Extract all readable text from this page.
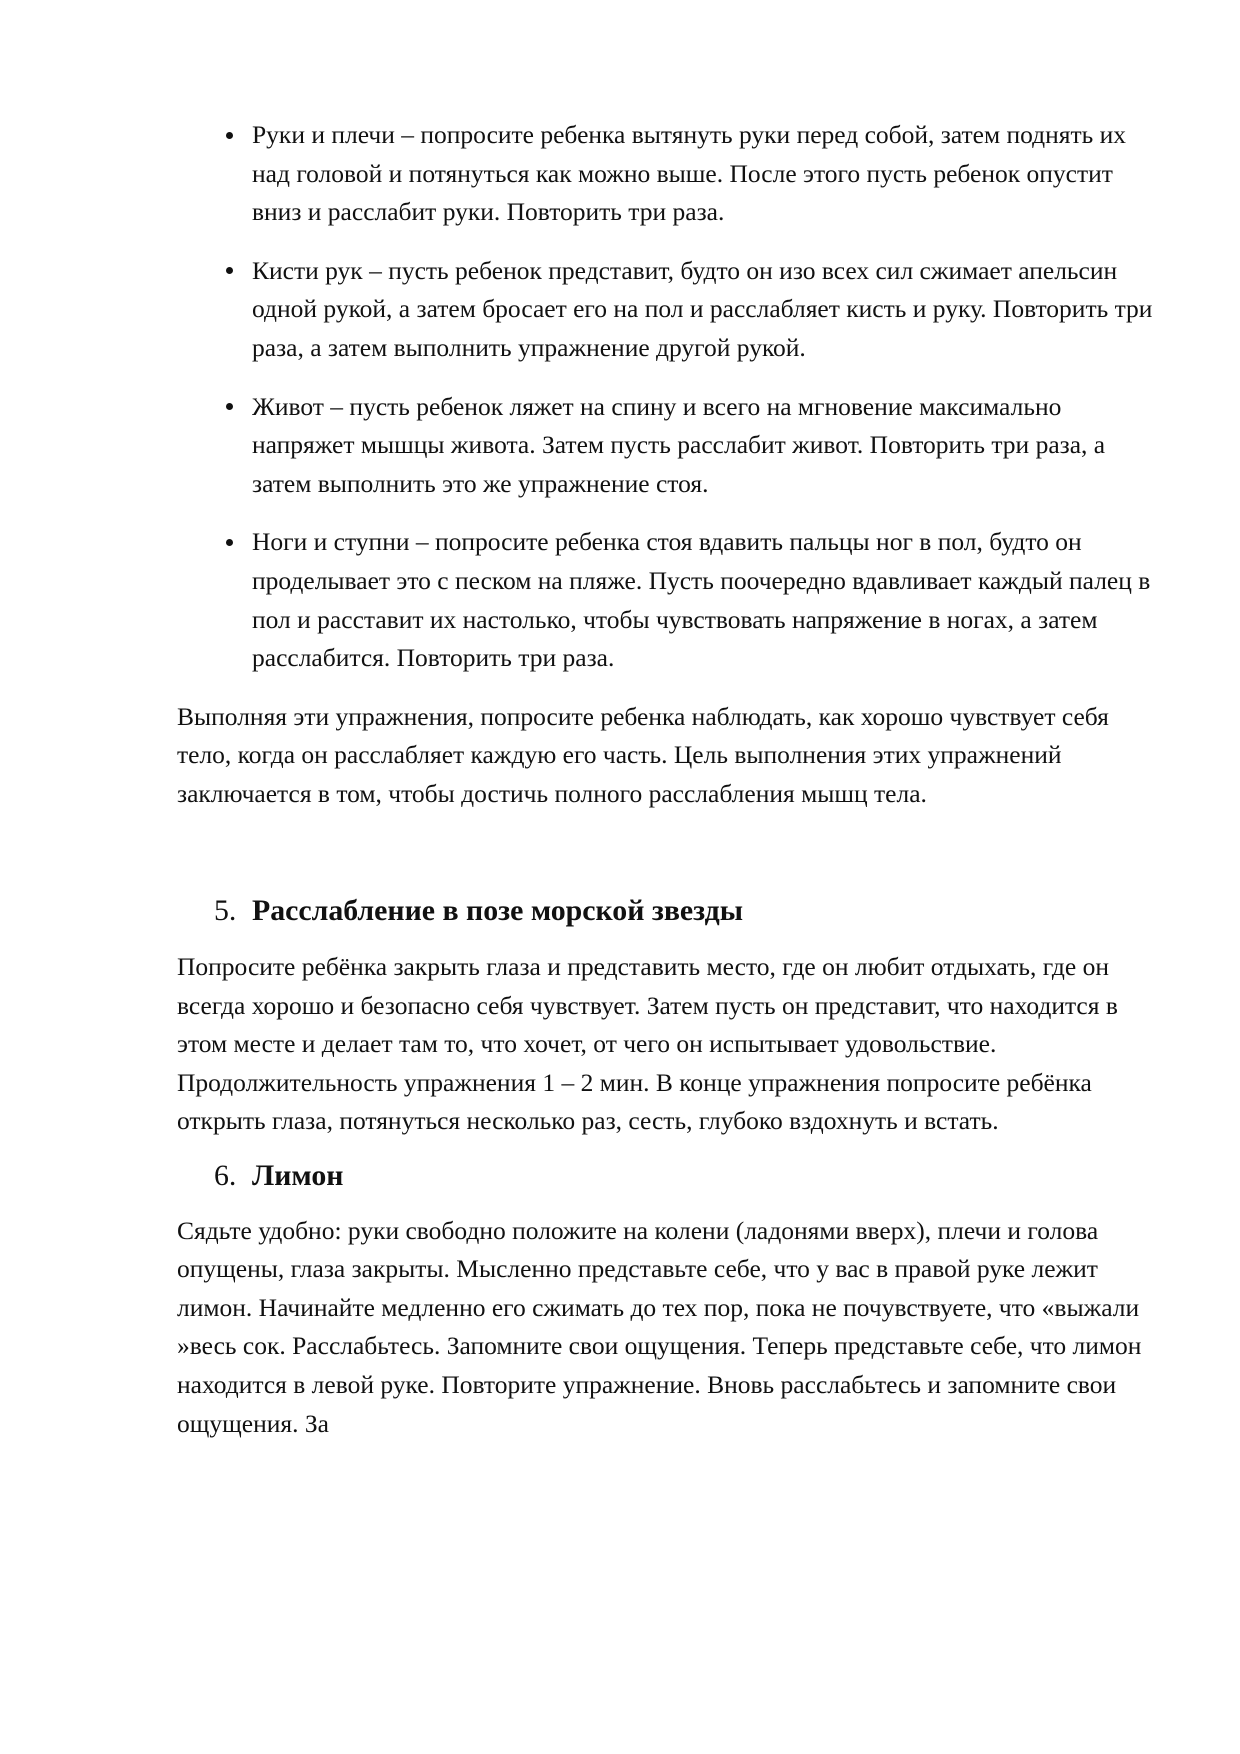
Руки и плечи – попросите ребенка вытянуть руки перед собой, затем поднять их над головой и потянуться как можно выше. После этого пусть ребенок опустит вниз и расслабит руки. Повторить три раза.
Кисти рук – пусть ребенок представит, будто он изо всех сил сжимает апельсин одной рукой, а затем бросает его на пол и расслабляет кисть и руку. Повторить три раза, а затем выполнить упражнение другой рукой.
Живот – пусть ребенок ляжет на спину и всего на мгновение максимально напряжет мышцы живота. Затем пусть расслабит живот. Повторить три раза, а затем выполнить это же упражнение стоя.
Ноги и ступни – попросите ребенка стоя вдавить пальцы ног в пол, будто он проделывает это с песком на пляже. Пусть поочередно вдавливает каждый палец в пол и расставит их настолько, чтобы чувствовать напряжение в ногах, а затем расслабится. Повторить три раза.

Выполняя эти упражнения, попросите ребенка наблюдать, как хорошо чувствует себя тело, когда он расслабляет каждую его часть. Цель выполнения этих упражнений заключается в том, чтобы достичь полного расслабления мышц тела.

5. Расслабление в позе морской звезды

Попросите ребёнка закрыть глаза и представить место, где он любит отдыхать, где он всегда хорошо и безопасно себя чувствует. Затем пусть он представит, что находится в этом месте и делает там то, что хочет, от чего он испытывает удовольствие. Продолжительность упражнения 1 – 2 мин. В конце упражнения попросите ребёнка открыть глаза, потянуться несколько раз, сесть, глубоко вздохнуть и встать.

6. Лимон

Сядьте удобно: руки свободно положите на колени (ладонями вверх), плечи и голова опущены, глаза закрыты. Мысленно представьте себе, что у вас в правой руке лежит лимон. Начинайте медленно его сжимать до тех пор, пока не почувствуете, что «выжали »весь сок. Расслабьтесь. Запомните свои ощущения. Теперь представьте себе, что лимон находится в левой руке. Повторите упражнение. Вновь расслабьтесь и запомните свои ощущения. За
